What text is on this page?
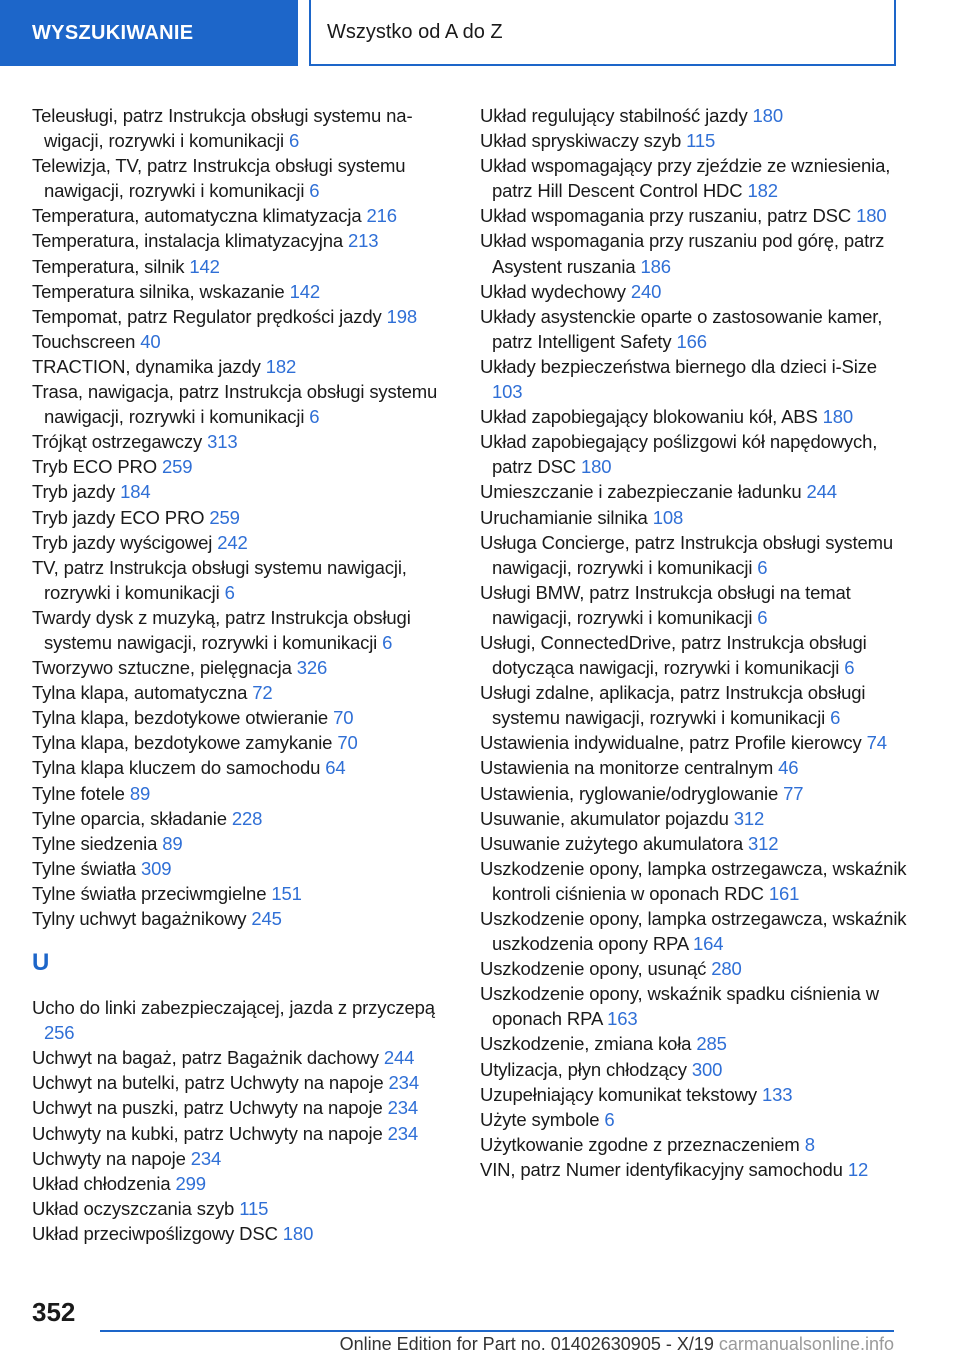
WYSZUKIWANIE	Wszystko od A do Z

Teleusługi, patrz Instrukcja obsługi systemu nawigacji, rozrywki i komunikacji 6

Telewizja, TV, patrz Instrukcja obsługi systemu nawigacji, rozrywki i komunikacji 6

Temperatura, automatyczna klimatyzacja 216

Temperatura, instalacja klimatyzacyjna 213

Temperatura, silnik 142

Temperatura silnika, wskazanie 142

Tempomat, patrz Regulator prędkości jazdy 198

Touchscreen 40

TRACTION, dynamika jazdy 182

Trasa, nawigacja, patrz Instrukcja obsługi systemu nawigacji, rozrywki i komunikacji 6

Trójkąt ostrzegawczy 313

Tryb ECO PRO 259

Tryb jazdy 184

Tryb jazdy ECO PRO 259

Tryb jazdy wyścigowej 242

TV, patrz Instrukcja obsługi systemu nawigacji, rozrywki i komunikacji 6

Twardy dysk z muzyką, patrz Instrukcja obsługi systemu nawigacji, rozrywki i komunikacji 6

Tworzywo sztuczne, pielęgnacja 326

Tylna klapa, automatyczna 72

Tylna klapa, bezdotykowe otwieranie 70

Tylna klapa, bezdotykowe zamykanie 70

Tylna klapa kluczem do samochodu 64

Tylne fotele 89

Tylne oparcia, składanie 228

Tylne siedzenia 89

Tylne światła 309

Tylne światła przeciwmgielne 151

Tylny uchwyt bagażnikowy 245

U

Ucho do linki zabezpieczającej, jazda z przyczepą 256

Uchwyt na bagaż, patrz Bagażnik dachowy 244

Uchwyt na butelki, patrz Uchwyty na napoje 234

Uchwyt na puszki, patrz Uchwyty na napoje 234

Uchwyty na kubki, patrz Uchwyty na napoje 234

Uchwyty na napoje 234

Układ chłodzenia 299

Układ oczyszczania szyb 115

Układ przeciwpoślizgowy DSC 180

Układ regulujący stabilność jazdy 180

Układ spryskiwaczy szyb 115

Układ wspomagający przy zjeździe ze wzniesienia, patrz Hill Descent Control HDC 182

Układ wspomagania przy ruszaniu, patrz DSC 180

Układ wspomagania przy ruszaniu pod górę, patrz Asystent ruszania 186

Układ wydechowy 240

Układy asystenckie oparte o zastosowanie kamer, patrz Intelligent Safety 166

Układy bezpieczeństwa biernego dla dzieci i-Size 103

Układ zapobiegający blokowaniu kół, ABS 180

Układ zapobiegający poślizgowi kół napędowych, patrz DSC 180

Umieszczanie i zabezpieczanie ładunku 244

Uruchamianie silnika 108

Usługa Concierge, patrz Instrukcja obsługi systemu nawigacji, rozrywki i komunikacji 6

Usługi BMW, patrz Instrukcja obsługi na temat nawigacji, rozrywki i komunikacji 6

Usługi, ConnectedDrive, patrz Instrukcja obsługi dotycząca nawigacji, rozrywki i komunikacji 6

Usługi zdalne, aplikacja, patrz Instrukcja obsługi systemu nawigacji, rozrywki i komunikacji 6

Ustawienia indywidualne, patrz Profile kierowcy 74

Ustawienia na monitorze centralnym 46

Ustawienia, ryglowanie/odryglowanie 77

Usuwanie, akumulator pojazdu 312

Usuwanie zużytego akumulatora 312

Uszkodzenie opony, lampka ostrzegawcza, wskaźnik kontroli ciśnienia w oponach RDC 161

Uszkodzenie opony, lampka ostrzegawcza, wskaźnik uszkodzenia opony RPA 164

Uszkodzenie opony, usunąć 280

Uszkodzenie opony, wskaźnik spadku ciśnienia w oponach RPA 163

Uszkodzenie, zmiana koła 285

Utylizacja, płyn chłodzący 300

Uzupełniający komunikat tekstowy 133

Użyte symbole 6

Użytkowanie zgodne z przeznaczeniem 8

VIN, patrz Numer identyfikacyjny samochodu 12

352
Online Edition for Part no. 01402630905 - X/19 carmanualsonline.info
